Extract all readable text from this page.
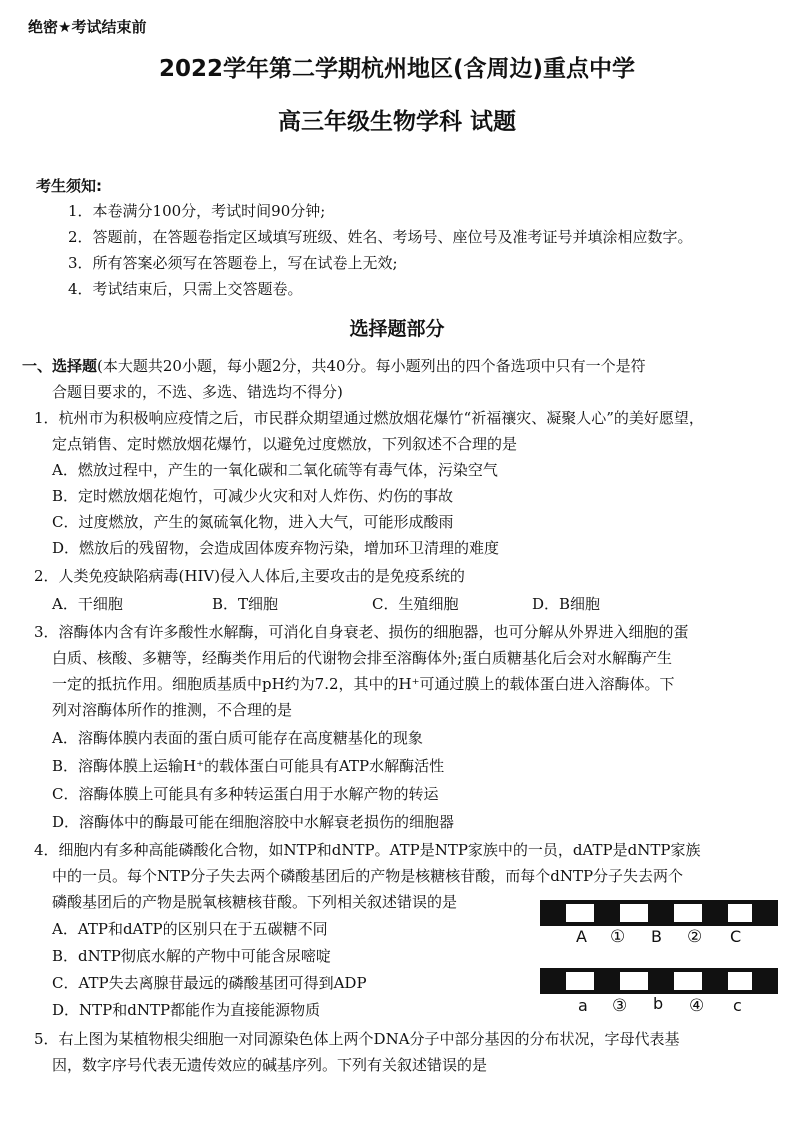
绝密★考试结束前
2022学年第二学期杭州地区(含周边)重点中学
高三年级生物学科 试题
考生须知:
1．本卷满分100分，考试时间90分钟;
2．答题前，在答题卷指定区域填写班级、姓名、考场号、座位号及准考证号并填涂相应数字。
3．所有答案必须写在答题卷上，写在试卷上无效;
4．考试结束后，只需上交答题卷。
选择题部分
一、选择题(本大题共20小题，每小题2分，共40分。每小题列出的四个备选项中只有一个是符
合题目要求的，不选、多选、错选均不得分)
1．杭州市为积极响应疫情之后，市民群众期望通过燃放烟花爆竹“祈福禳灾、凝聚人心”的美好愿望，
定点销售、定时燃放烟花爆竹，以避免过度燃放，下列叙述不合理的是
A．燃放过程中，产生的一氧化碳和二氧化硫等有毒气体，污染空气
B．定时燃放烟花炮竹，可减少火灾和对人炸伤、灼伤的事故
C．过度燃放，产生的氮硫氧化物，进入大气，可能形成酸雨
D．燃放后的残留物，会造成固体废弃物污染，增加环卫清理的难度
2．人类免疫缺陷病毒(HIV)侵入人体后,主要攻击的是免疫系统的
A．干细胞	B．T细胞	C．生殖细胞	D．B细胞
3．溶酶体内含有许多酸性水解酶，可消化自身衰老、损伤的细胞器，也可分解从外界进入细胞的蛋
白质、核酸、多糖等，经酶类作用后的代谢物会排至溶酶体外;蛋白质糖基化后会对水解酶产生
一定的抵抗作用。细胞质基质中pH约为7.2，其中的H⁺可通过膜上的载体蛋白进入溶酶体。下
列对溶酶体所作的推测，不合理的是
A．溶酶体膜内表面的蛋白质可能存在高度糖基化的现象
B．溶酶体膜上运输H⁺的载体蛋白可能具有ATP水解酶活性
C．溶酶体膜上可能具有多种转运蛋白用于水解产物的转运
D．溶酶体中的酶最可能在细胞溶胶中水解衰老损伤的细胞器
4．细胞内有多种高能磷酸化合物，如NTP和dNTP。ATP是NTP家族中的一员，dATP是dNTP家族
中的一员。每个NTP分子失去两个磷酸基团后的产物是核糖核苷酸，而每个dNTP分子失去两个
磷酸基团后的产物是脱氧核糖核苷酸。下列相关叙述错误的是
A．ATP和dATP的区别只在于五碳糖不同
B．dNTP彻底水解的产物中可能含尿嘧啶
C．ATP失去离腺苷最远的磷酸基团可得到ADP
D．NTP和dNTP都能作为直接能源物质
A ① B ② C
a ③ b ④ c
5．右上图为某植物根尖细胞一对同源染色体上两个DNA分子中部分基因的分布状况，字母代表基
因，数字序号代表无遗传效应的碱基序列。下列有关叙述错误的是
